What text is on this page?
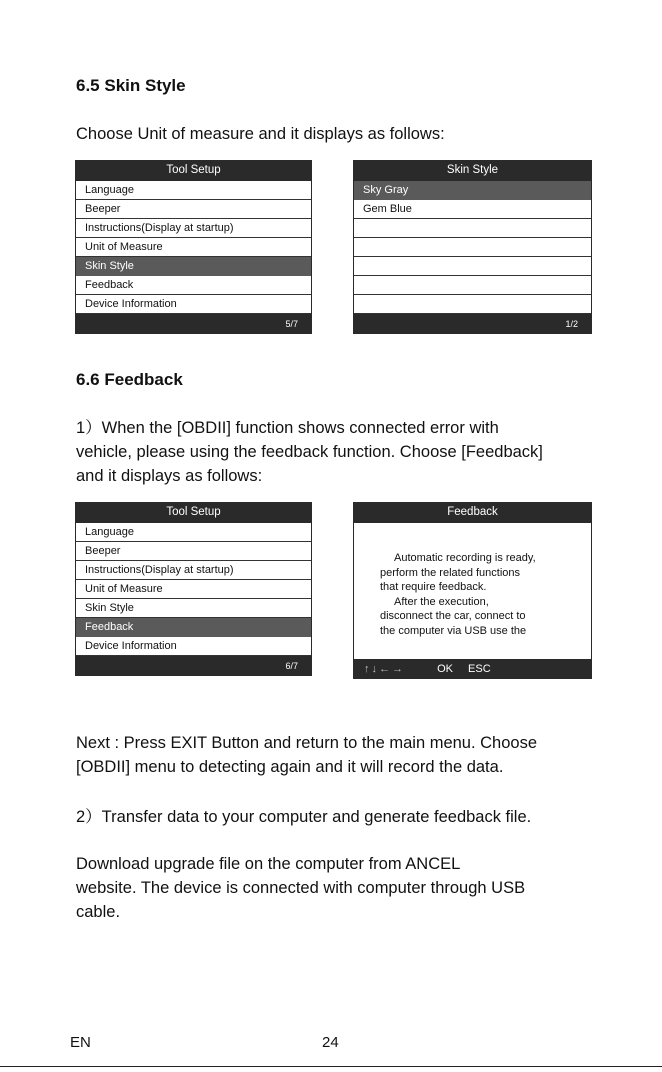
6.5 Skin Style

Choose Unit of measure and it displays as follows:

Tool Setup
Language
Beeper
Instructions(Display at startup)
Unit of Measure
Skin Style
Feedback
Device Information
5/7
Skin Style
Sky Gray
Gem Blue
1/2
6.6 Feedback

1）When the [OBDII] function shows connected error with
vehicle, please using the feedback function. Choose [Feedback]
and it displays as follows:

Tool Setup
Language
Beeper
Instructions(Display at startup)
Unit of Measure
Skin Style
Feedback
Device Information
6/7
Feedback
Automatic recording is ready,
perform the related functions
that require feedback.
After the execution,
disconnect the car, connect to
the computer via USB use the
↑↓←→	OK ESC

Next : Press EXIT Button and return to the main menu. Choose
[OBDII] menu to detecting again and it will record the data.

2）Transfer data to your computer and generate feedback file.

Download upgrade file on the computer from ANCEL
website. The device is connected with computer through USB
cable.

EN	24
